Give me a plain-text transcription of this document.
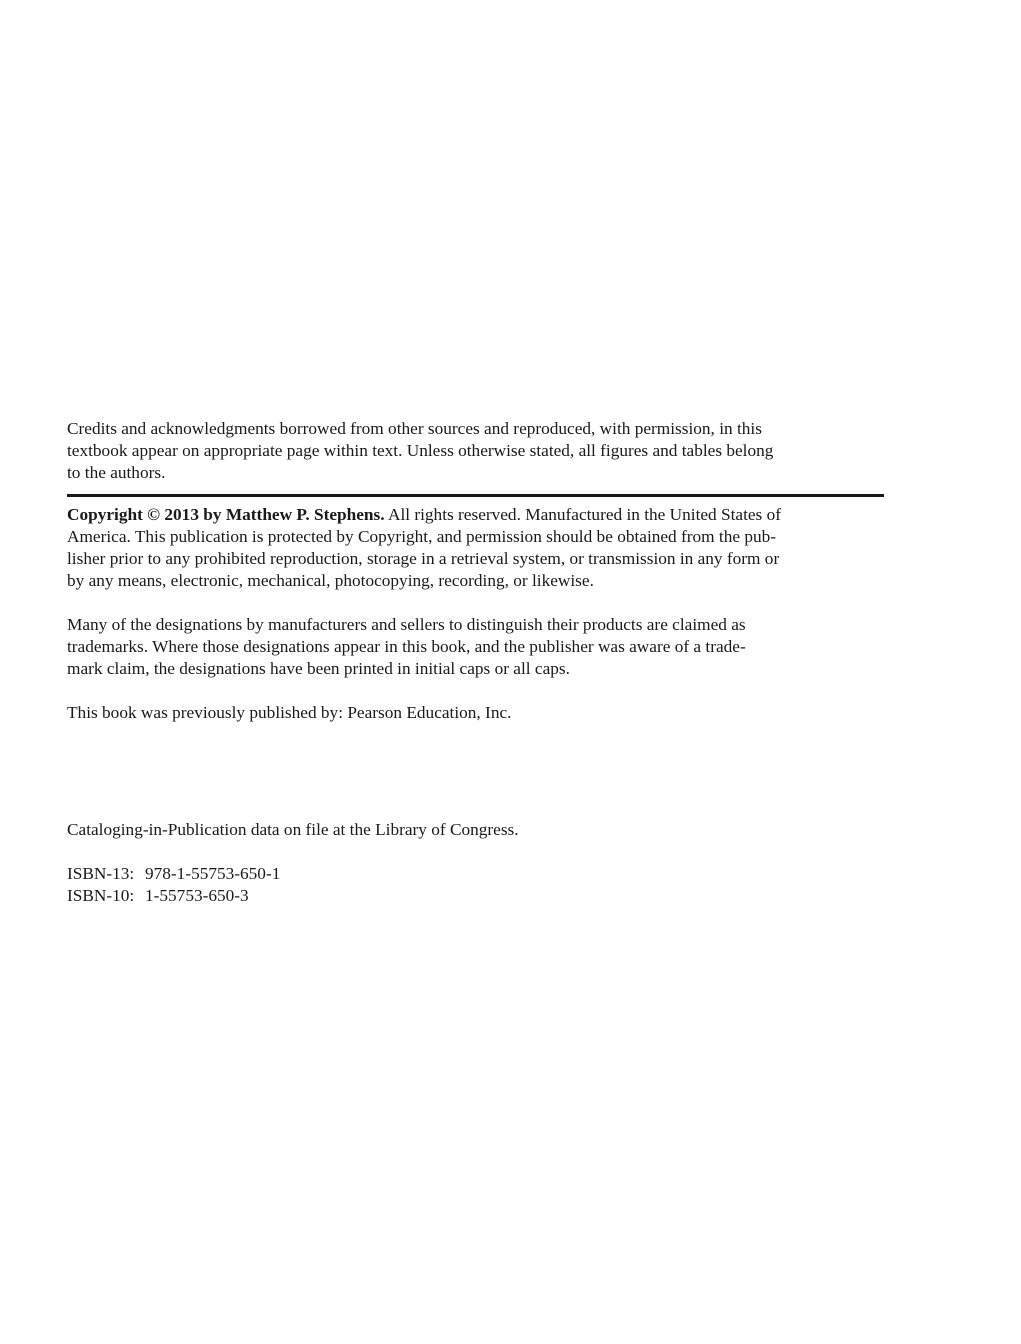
Credits and acknowledgments borrowed from other sources and reproduced, with permission, in this
textbook appear on appropriate page within text. Unless otherwise stated, all figures and tables belong
to the authors.

Copyright © 2013 by Matthew P. Stephens. All rights reserved. Manufactured in the United States of
America. This publication is protected by Copyright, and permission should be obtained from the pub-
lisher prior to any prohibited reproduction, storage in a retrieval system, or transmission in any form or
by any means, electronic, mechanical, photocopying, recording, or likewise.

Many of the designations by manufacturers and sellers to distinguish their products are claimed as
trademarks. Where those designations appear in this book, and the publisher was aware of a trade-
mark claim, the designations have been printed in initial caps or all caps.

This book was previously published by: Pearson Education, Inc.

Cataloging-in-Publication data on file at the Library of Congress.

ISBN-13: 978-1-55753-650-1
ISBN-10: 1-55753-650-3
